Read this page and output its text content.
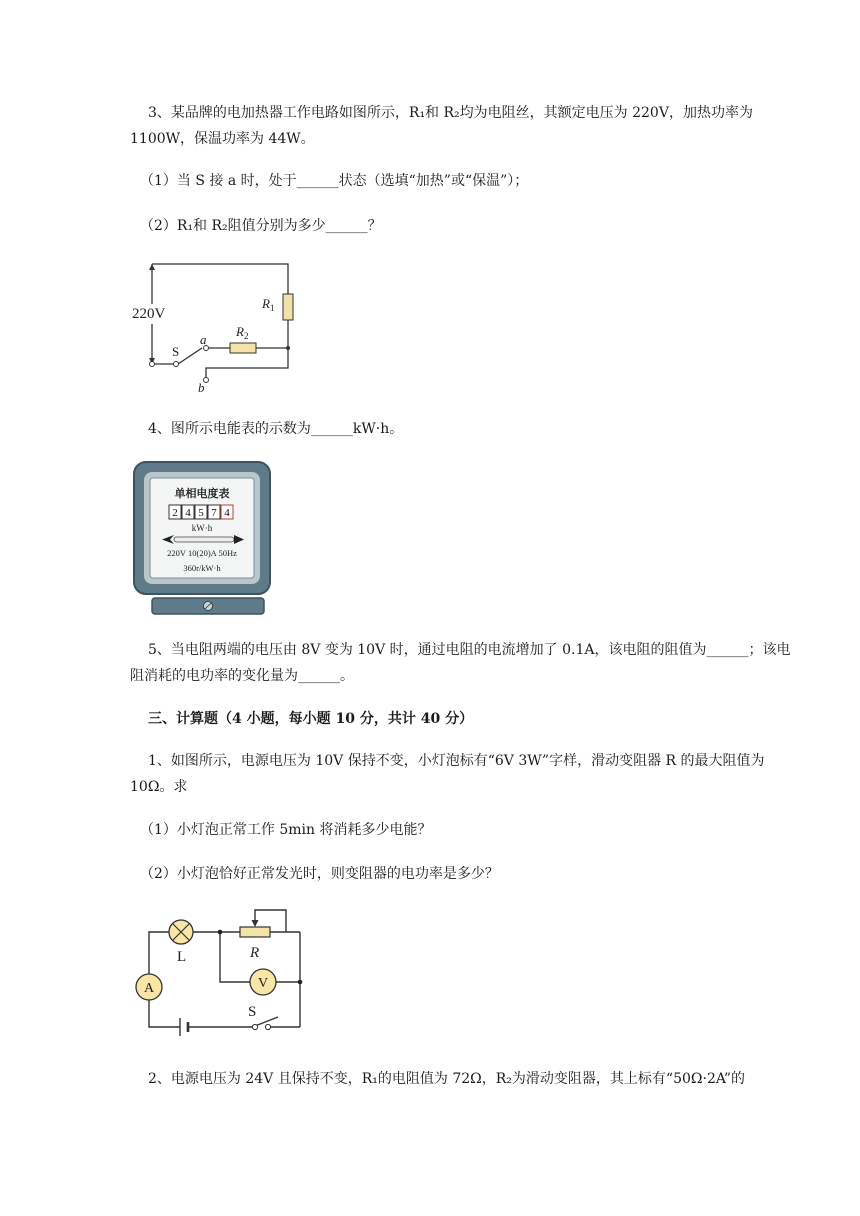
3、某品牌的电加热器工作电路如图所示，R₁和 R₂均为电阻丝，其额定电压为 220V，加热功率为 1100W，保温功率为 44W。

（1）当 S 接 a 时，处于______状态（选填“加热”或“保温”）；

（2）R₁和 R₂阻值分别为多少______？

220V
$R_1$
$R_2$
S
a
b

4、图所示电能表的示数为______kW·h。

单相电度表
2 4 5 7 4
kW·h
220V 10(20)A 50Hz
360r/kW·h

5、当电阻两端的电压由 8V 变为 10V 时，通过电阻的电流增加了 0.1A，该电阻的阻值为______；该电阻消耗的电功率的变化量为______。

三、计算题（4 小题，每小题 10 分，共计 40 分）

1、如图所示，电源电压为 10V 保持不变，小灯泡标有“6V 3W”字样，滑动变阻器 R 的最大阻值为10Ω。求

（1）小灯泡正常工作 5min 将消耗多少电能？

（2）小灯泡恰好正常发光时，则变阻器的电功率是多少？

V
A
L	R
S

2、电源电压为 24V 且保持不变，R₁的电阻值为 72Ω，R₂为滑动变阻器，其上标有“50Ω·2A”的
